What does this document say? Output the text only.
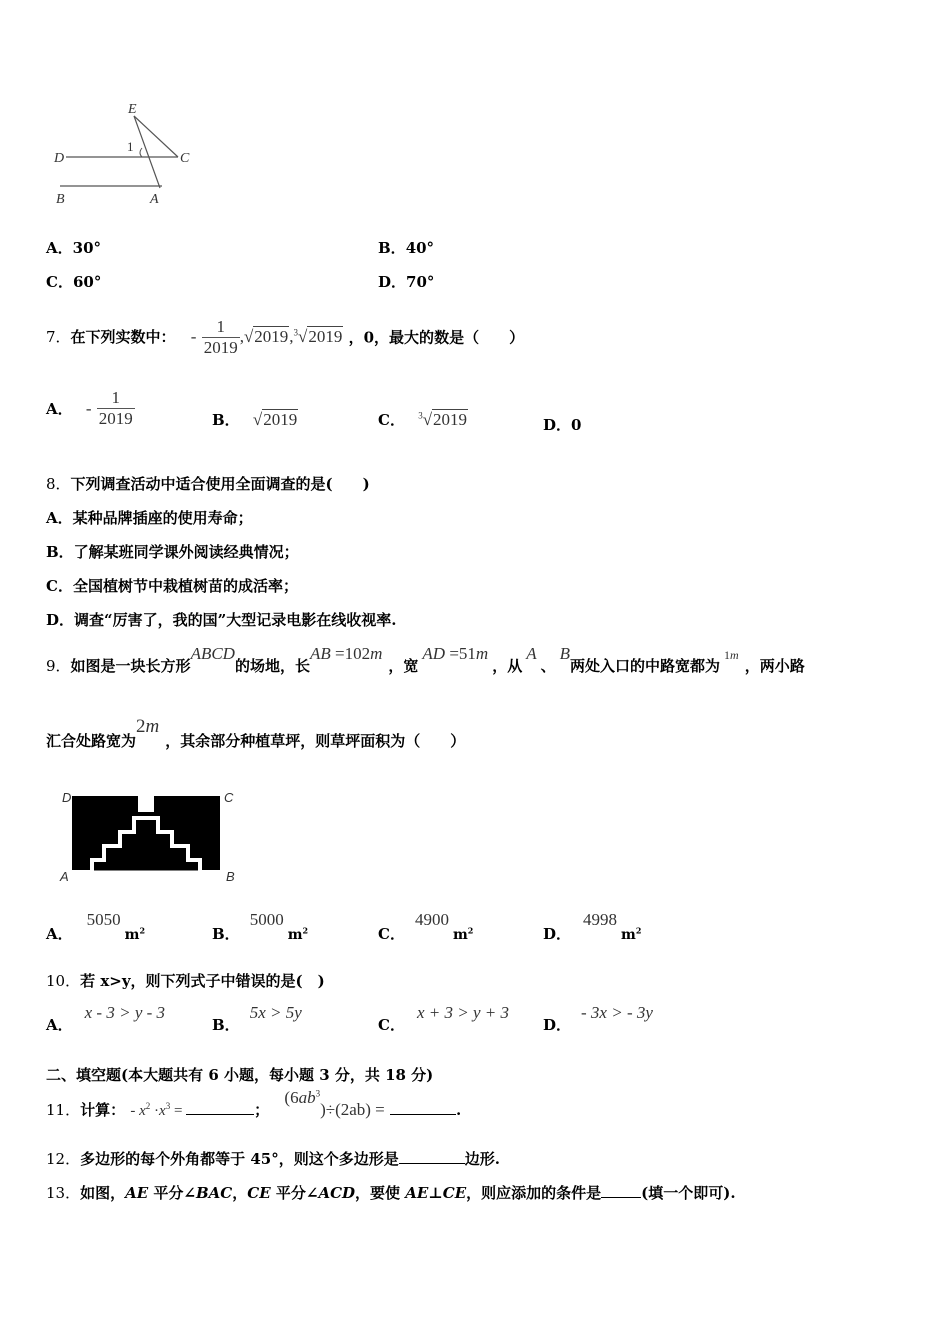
E
D	C
B	A
1
A．30°	B．40°
C．60°	D．70°
7．在下列实数中： - $\frac{1}{2019} ,√2019,^3√2019$ ，0，最大的数是（　　）
A． - $\frac{1}{2019}$	B． √2019	C． $^3$√2019	D．0
8．下列调查活动中适合使用全面调查的是(　　)
A．某种品牌插座的使用寿命；
B．了解某班同学课外阅读经典情况；
C．全国植树节中栽植树苗的成活率；
D．调查“厉害了，我的国”大型记录电影在线收视率.
9．如图是一块长方形ABCD的场地，长AB =102m，宽AD =51m，从A、B两处入口的中路宽都为1m，两小路
汇合处路宽为2m，其余部分种植草坪，则草坪面积为（　　）
D	C
A	B
A．$5050m^2$	B．$5000m^2$	C．$4900m^2$	D．$4998m^2$
10．若 x>y，则下列式子中错误的是(　)
A．x - 3 > y - 3
B．5x > 5y
C．x + 3 > y + 3
D．- 3x > - 3y
二、填空题(本大题共有 6 小题，每小题 3 分，共 18 分)
11．计算： - $x^2 \cdot x^3$ =	； $(6ab^3)\div(2ab)$ =	.
12．多边形的每个外角都等于 45°，则这个多边形是	边形.
13．如图，AE 平分∠BAC，CE 平分∠ACD，要使 AE⊥CE，则应添加的条件是	(填一个即可).
